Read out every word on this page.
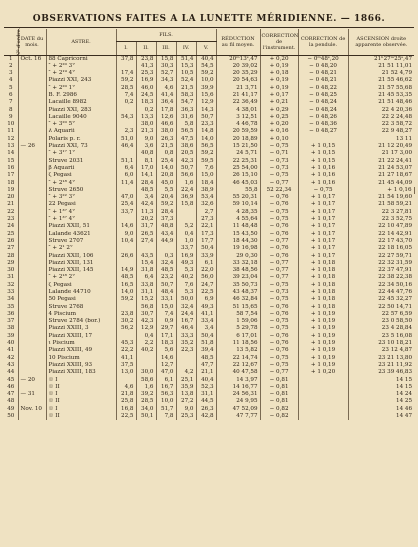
OBSERVATIONS FAITES A LA LUNETTE MÉRIDIENNE. — 1866.
Nº d'ordre.	DATE du mois.	ASTRE.	FILS.					RÉDUCTION au fil moyen.	CORRECTION de l'instrument.	CORRECTION de la pendule.	ASCENSION droite apparente observée.	
			I.	II.	III.	IV.	V.					
1	Oct. 16	88 Capricorni	37,8	23,8	15,8	51,4	40,4	20ᵐ13ˢ,47	+ 0,20	− 0ᵐ48ˢ,20	21ʰ27ᵐ25ˢ,47	
2		″ + 2²⁰ 3°		41,3	30,3	15,3	54,5	20 39,02	+ 0,19	− 0 48,20	21 51 11,01	
3		″ + 2¹⁹ 4°	17,4	25,3	52,7	10,5	59,2	20 35,29	+ 0,18	− 0 48,21	21 52 4,79	
4		Piazzi XXI, 243	59,2	16,9	34,3	52,4	10,0	20 54,63	+ 0,19	− 0 48,21	21 55 46,62	
5		″ + 2²⁰ 1°	28,5	46,0	4,6	21,5	39,9	21 3,71	+ 0,19	− 0 48,22	21 57 55,68	
6		B. F. 2986	7,4	24,5	41,4	58,3	15,6	21 41,17	+ 0,17	− 0 48,25	21 45 53,35	
7		Lacaille 8982	0,2	18,3	36,4	54,7	12,9	22 36,49	+ 0,21	− 0 48,24	21 51 48,46	
8		Piazzi XXI, 283		0,2	17,8	36,3	14,3	4 38,01	+ 0,29	− 0 48,24	22 4 20,36	
9		Lacaille 9040	54,3	13,3	12,6	31,6	50,7	3 12,51	+ 0,25	− 0 48,26	22 2 24,48	
10		″ + 3²⁰ 5°		38,0	46,6	5,8	23,3	4 46,78	+ 0,20	− 0 48,36	22 3 58,72	
11		λ Aquarii	2,3	21,3	38,0	56,5	14,8	20 59,59	+ 0,16	− 0 48,27	22 9 48,27	
12		Polaris p. r.	51,0	9,0	26,3	47,5	14,0	20 18,89	+ 0,10		13 11	
13	— 26	Piazzi XXI, 73	46,4	3,6	21,5	38,6	56,5	15 21,50	− 0,75	+ 1 0,15	21 12 20,49	
14		″ + 3¹⁷ 1°		40,8	0,8	20,5	59,2	24 5,71	− 0,71	+ 1 0,15	21 17 3,00	
15		Struve 2031	51,1	8,1	25,4	42,3	59,5	22 25,31	− 0,73	+ 1 0,15	21 22 24,41	
16		β Aquarii	6,4	17,0	14,0	50,7	7,6	25 54,00	− 0,73	+ 1 0,16	21 24 53,07	
17		ζ Pegasi	6,0	14,1	20,8	56,6	15,0	26 15,10	− 0,75	+ 1 0,16	21 27 18,67	
18		″ + 2¹⁸ 4°	11,4	28,4	45,0	1,6	18,4	46 45,03	− 0,77	+ 1 0,16	21 45 44,09	
19		Struve 2650		48,5	5,5	22,4	38,9	55,8	52 22,34	− 0,75	+ 1 0,16	
20		″ + 3²² 3°	47,0	3,4	20,4	36,9	53,4	55 20,31	− 0,76	+ 1 0,17	21 54 19,60	
21		22 Pegasi	25,4	42,4	59,2	15,8	32,6	59 10,14	− 0,76	+ 1 0,17	21 58 59,21	
22		″ + 1³⁷ 4°	33,7	11,3	28,4		2,7	4 28,35	− 0,75	+ 1 0,17	22 3 27,81	
23		″ + 1³⁷ 4°		20,2	37,3		27,3	4 55,64	− 0,75	+ 1 0,17	22 3 52,75	
24		Piazzi XXII, 51	14,6	31,7	48,8	5,2	22,1	11 48,48	− 0,76	+ 1 0,17	22 10 47,89	
25		Lalande 43621	9,0	26,5	43,4	0,4	17,3	15 43,50	− 0,76	+ 1 0,17	22 14 42,91	
26		Struve 2707	10,4	27,4	44,9	1,0	17,7	18 44,30	− 0,77	+ 1 0,17	22 17 43,70	
27		″ + 2¹ 2°				33,7	50,4	19 16,98	− 0,76	+ 1 0,17	22 18 16,05	
28		Piazzi XXII, 106	26,6	43,5	0,3	16,9	33,9	29 0,30	− 0,76	+ 1 0,17	22 27 59,71	
29		Piazzi XXII, 131		15,4	32,4	49,3	6,1	33 32,18	− 0,77	+ 1 0,18	22 32 31,59	
30		Piazzi XXII, 145	14,9	31,8	48,5	5,3	22,0	38 48,56	− 0,77	+ 1 0,18	22 37 47,91	
31		″ + 2¹⁸ 2°	48,5	6,4	23,2	40,2	56,0	39 23,04	− 0,77	+ 1 0,18	22 38 22,38	
32		ζ Pegasi	16,5	33,8	50,7	7,6	24,7	35 50,73	− 0,75	+ 1 0,18	22 34 50,16	
33		Lalande 44710	14,0	31,1	48,4	5,3	22,5	43 48,37	− 0,73	+ 1 0,18	22 44 47,76	
34		50 Pegasi	59,2	15,2	33,1	50,0	6,9	46 32,84	− 0,75	+ 1 0,18	22 45 32,27	
35		Struve 2768		56,8	15,0	32,4	49,3	51 15,65	− 0,76	+ 1 0,18	22 50 14,71	
36		4 Piscium	23,8	30,7	7,4	24,4	41,1	58 7,54	− 0,76	+ 1 0,19	22 57 6,59	
37		Struve 2784 (bor.)	30,2	42,3	0,9	16,7	33,4	1 59,06	− 0,75	+ 1 0,19	23 0 58,50	
38		Piazzi XXIII, 3	56,2	12,9	29,7	46,4	3,4	5 29,78	− 0,75	+ 1 0,19	23 4 28,84	
39		Piazzi XXIII, 17		0,4	17,1	33,3	50,4	6 17,01	− 0,76	+ 1 0,19	23 5 16,08	
40		ι Piscium	45,3	2,2	18,3	35,2	51,8	11 18,56	− 0,76	+ 1 0,19	23 10 18,21	
41		Piazzi XXIII, 49	22,2	40,2	5,6	22,3	39,4	13 5,82	− 0,76	+ 1 0,19	23 12 4,87	
42		10 Piscium	41,1		14,6		48,5	22 14,74	− 0,75	+ 1 0,19	23 21 13,80	
43		Piazzi XXIII, 93	37,5		12,7		47,7	22 12,67	− 0,75	+ 1 0,19	23 21 11,92	
44		Piazzi XXIII, 183	13,0	30,0	47,0	4,2	21,1	40 47,58	− 0,77	+ 1 0,20	23 39 46,83	
45	— 20	☉ I		58,6	6,1	25,1	40,4	14 3,97	− 0,81		14 15	
46		☉ II	4,6	1,6	16,7	35,9	52,3	14 16,77	− 0,81		14 15	
47	— 31	☉ I	21,8	39,2	56,3	13,8	31,1	24 56,31	− 0,81		14 24	
48		☉ II	25,8	28,5	10,0	27,2	44,5	24 9,95	− 0,81		14 25	
49	Nov. 10	☉ I	16,8	34,0	51,7	9,0	26,3	47 52,09	− 0,82		14 46	
50		☉ II	22,5	50,1	7,8	25,3	42,8	47 7,77	− 0,82		14 47	
